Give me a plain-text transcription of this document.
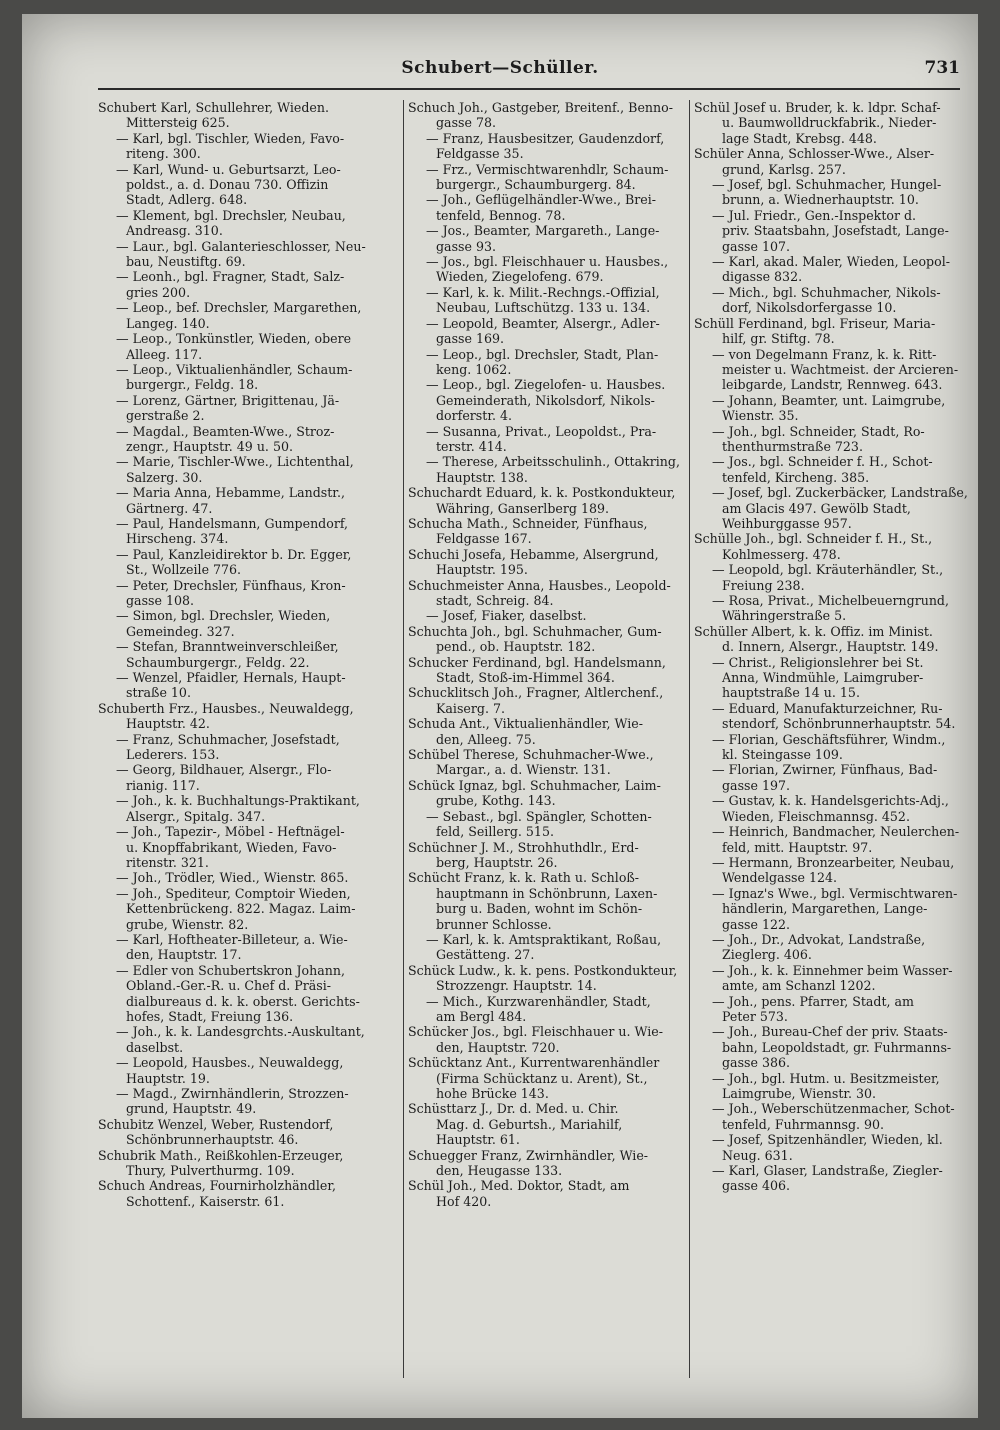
Schubert—Schüller.	731
Schubert Karl, Schullehrer, Wieden.
Mittersteig 625.
— Karl, bgl. Tischler, Wieden, Favo-
riteng. 300.
— Karl, Wund- u. Geburtsarzt, Leo-
poldst., a. d. Donau 730. Offizin
Stadt, Adlerg. 648.
— Klement, bgl. Drechsler, Neubau,
Andreasg. 310.
— Laur., bgl. Galanterieschlosser, Neu-
bau, Neustiftg. 69.
— Leonh., bgl. Fragner, Stadt, Salz-
gries 200.
— Leop., bef. Drechsler, Margarethen,
Langeg. 140.
— Leop., Tonkünstler, Wieden, obere
Alleeg. 117.
— Leop., Viktualienhändler, Schaum-
burgergr., Feldg. 18.
— Lorenz, Gärtner, Brigittenau, Jä-
gerstraße 2.
— Magdal., Beamten-Wwe., Stroz-
zengr., Hauptstr. 49 u. 50.
— Marie, Tischler-Wwe., Lichtenthal,
Salzerg. 30.
— Maria Anna, Hebamme, Landstr.,
Gärtnerg. 47.
— Paul, Handelsmann, Gumpendorf,
Hirscheng. 374.
— Paul, Kanzleidirektor b. Dr. Egger,
St., Wollzeile 776.
— Peter, Drechsler, Fünfhaus, Kron-
gasse 108.
— Simon, bgl. Drechsler, Wieden,
Gemeindeg. 327.
— Stefan, Branntweinverschleißer,
Schaumburgergr., Feldg. 22.
— Wenzel, Pfaidler, Hernals, Haupt-
straße 10.
Schuberth Frz., Hausbes., Neuwaldegg,
Hauptstr. 42.
— Franz, Schuhmacher, Josefstadt,
Lederers. 153.
— Georg, Bildhauer, Alsergr., Flo-
rianig. 117.
— Joh., k. k. Buchhaltungs-Praktikant,
Alsergr., Spitalg. 347.
— Joh., Tapezir-, Möbel - Heftnägel-
u. Knopffabrikant, Wieden, Favo-
ritenstr. 321.
— Joh., Trödler, Wied., Wienstr. 865.
— Joh., Spediteur, Comptoir Wieden,
Kettenbrückeng. 822. Magaz. Laim-
grube, Wienstr. 82.
— Karl, Hoftheater-Billeteur, a. Wie-
den, Hauptstr. 17.
— Edler von Schubertskron Johann,
Obland.-Ger.-R. u. Chef d. Präsi-
dialbureaus d. k. k. oberst. Gerichts-
hofes, Stadt, Freiung 136.
— Joh., k. k. Landesgrchts.-Auskultant,
daselbst.
— Leopold, Hausbes., Neuwaldegg,
Hauptstr. 19.
— Magd., Zwirnhändlerin, Strozzen-
grund, Hauptstr. 49.
Schubitz Wenzel, Weber, Rustendorf,
Schönbrunnerhauptstr. 46.
Schubrik Math., Reißkohlen-Erzeuger,
Thury, Pulverthurmg. 109.
Schuch Andreas, Fournirholzhändler,
Schottenf., Kaiserstr. 61.
Schuch Joh., Gastgeber, Breitenf., Benno-
gasse 78.
— Franz, Hausbesitzer, Gaudenzdorf,
Feldgasse 35.
— Frz., Vermischtwarenhdlr, Schaum-
burgergr., Schaumburgerg. 84.
— Joh., Geflügelhändler-Wwe., Brei-
tenfeld, Bennog. 78.
— Jos., Beamter, Margareth., Lange-
gasse 93.
— Jos., bgl. Fleischhauer u. Hausbes.,
Wieden, Ziegelofeng. 679.
— Karl, k. k. Milit.-Rechngs.-Offizial,
Neubau, Luftschützg. 133 u. 134.
— Leopold, Beamter, Alsergr., Adler-
gasse 169.
— Leop., bgl. Drechsler, Stadt, Plan-
keng. 1062.
— Leop., bgl. Ziegelofen- u. Hausbes.
Gemeinderath, Nikolsdorf, Nikols-
dorferstr. 4.
— Susanna, Privat., Leopoldst., Pra-
terstr. 414.
— Therese, Arbeitsschulinh., Ottakring,
Hauptstr. 138.
Schuchardt Eduard, k. k. Postkondukteur,
Währing, Ganserlberg 189.
Schucha Math., Schneider, Fünfhaus,
Feldgasse 167.
Schuchi Josefa, Hebamme, Alsergrund,
Hauptstr. 195.
Schuchmeister Anna, Hausbes., Leopold-
stadt, Schreig. 84.
— Josef, Fiaker, daselbst.
Schuchta Joh., bgl. Schuhmacher, Gum-
pend., ob. Hauptstr. 182.
Schucker Ferdinand, bgl. Handelsmann,
Stadt, Stoß-im-Himmel 364.
Schucklitsch Joh., Fragner, Altlerchenf.,
Kaiserg. 7.
Schuda Ant., Viktualienhändler, Wie-
den, Alleeg. 75.
Schübel Therese, Schuhmacher-Wwe.,
Margar., a. d. Wienstr. 131.
Schück Ignaz, bgl. Schuhmacher, Laim-
grube, Kothg. 143.
— Sebast., bgl. Spängler, Schotten-
feld, Seillerg. 515.
Schüchner J. M., Strohhuthdlr., Erd-
berg, Hauptstr. 26.
Schücht Franz, k. k. Rath u. Schloß-
hauptmann in Schönbrunn, Laxen-
burg u. Baden, wohnt im Schön-
brunner Schlosse.
— Karl, k. k. Amtspraktikant, Roßau,
Gestätteng. 27.
Schück Ludw., k. k. pens. Postkondukteur,
Strozzengr. Hauptstr. 14.
— Mich., Kurzwarenhändler, Stadt,
am Bergl 484.
Schücker Jos., bgl. Fleischhauer u. Wie-
den, Hauptstr. 720.
Schücktanz Ant., Kurrentwarenhändler
(Firma Schücktanz u. Arent), St.,
hohe Brücke 143.
Schüsttarz J., Dr. d. Med. u. Chir.
Mag. d. Geburtsh., Mariahilf,
Hauptstr. 61.
Schuegger Franz, Zwirnhändler, Wie-
den, Heugasse 133.
Schül Joh., Med. Doktor, Stadt, am
Hof 420.
Schül Josef u. Bruder, k. k. ldpr. Schaf-
u. Baumwolldruckfabrik., Nieder-
lage Stadt, Krebsg. 448.
Schüler Anna, Schlosser-Wwe., Alser-
grund, Karlsg. 257.
— Josef, bgl. Schuhmacher, Hungel-
brunn, a. Wiednerhauptstr. 10.
— Jul. Friedr., Gen.-Inspektor d.
priv. Staatsbahn, Josefstadt, Lange-
gasse 107.
— Karl, akad. Maler, Wieden, Leopol-
digasse 832.
— Mich., bgl. Schuhmacher, Nikols-
dorf, Nikolsdorfergasse 10.
Schüll Ferdinand, bgl. Friseur, Maria-
hilf, gr. Stiftg. 78.
— von Degelmann Franz, k. k. Ritt-
meister u. Wachtmeist. der Arcieren-
leibgarde, Landstr, Rennweg. 643.
— Johann, Beamter, unt. Laimgrube,
Wienstr. 35.
— Joh., bgl. Schneider, Stadt, Ro-
thenthurmstraße 723.
— Jos., bgl. Schneider f. H., Schot-
tenfeld, Kircheng. 385.
— Josef, bgl. Zuckerbäcker, Landstraße,
am Glacis 497. Gewölb Stadt,
Weihburggasse 957.
Schülle Joh., bgl. Schneider f. H., St.,
Kohlmesserg. 478.
— Leopold, bgl. Kräuterhändler, St.,
Freiung 238.
— Rosa, Privat., Michelbeuerngrund,
Währingerstraße 5.
Schüller Albert, k. k. Offiz. im Minist.
d. Innern, Alsergr., Hauptstr. 149.
— Christ., Religionslehrer bei St.
Anna, Windmühle, Laimgruber-
hauptstraße 14 u. 15.
— Eduard, Manufakturzeichner, Ru-
stendorf, Schönbrunnerhauptstr. 54.
— Florian, Geschäftsführer, Windm.,
kl. Steingasse 109.
— Florian, Zwirner, Fünfhaus, Bad-
gasse 197.
— Gustav, k. k. Handelsgerichts-Adj.,
Wieden, Fleischmannsg. 452.
— Heinrich, Bandmacher, Neulerchen-
feld, mitt. Hauptstr. 97.
— Hermann, Bronzearbeiter, Neubau,
Wendelgasse 124.
— Ignaz's Wwe., bgl. Vermischtwaren-
händlerin, Margarethen, Lange-
gasse 122.
— Joh., Dr., Advokat, Landstraße,
Zieglerg. 406.
— Joh., k. k. Einnehmer beim Wasser-
amte, am Schanzl 1202.
— Joh., pens. Pfarrer, Stadt, am
Peter 573.
— Joh., Bureau-Chef der priv. Staats-
bahn, Leopoldstadt, gr. Fuhrmanns-
gasse 386.
— Joh., bgl. Hutm. u. Besitzmeister,
Laimgrube, Wienstr. 30.
— Joh., Weberschützenmacher, Schot-
tenfeld, Fuhrmannsg. 90.
— Josef, Spitzenhändler, Wieden, kl.
Neug. 631.
— Karl, Glaser, Landstraße, Ziegler-
gasse 406.
